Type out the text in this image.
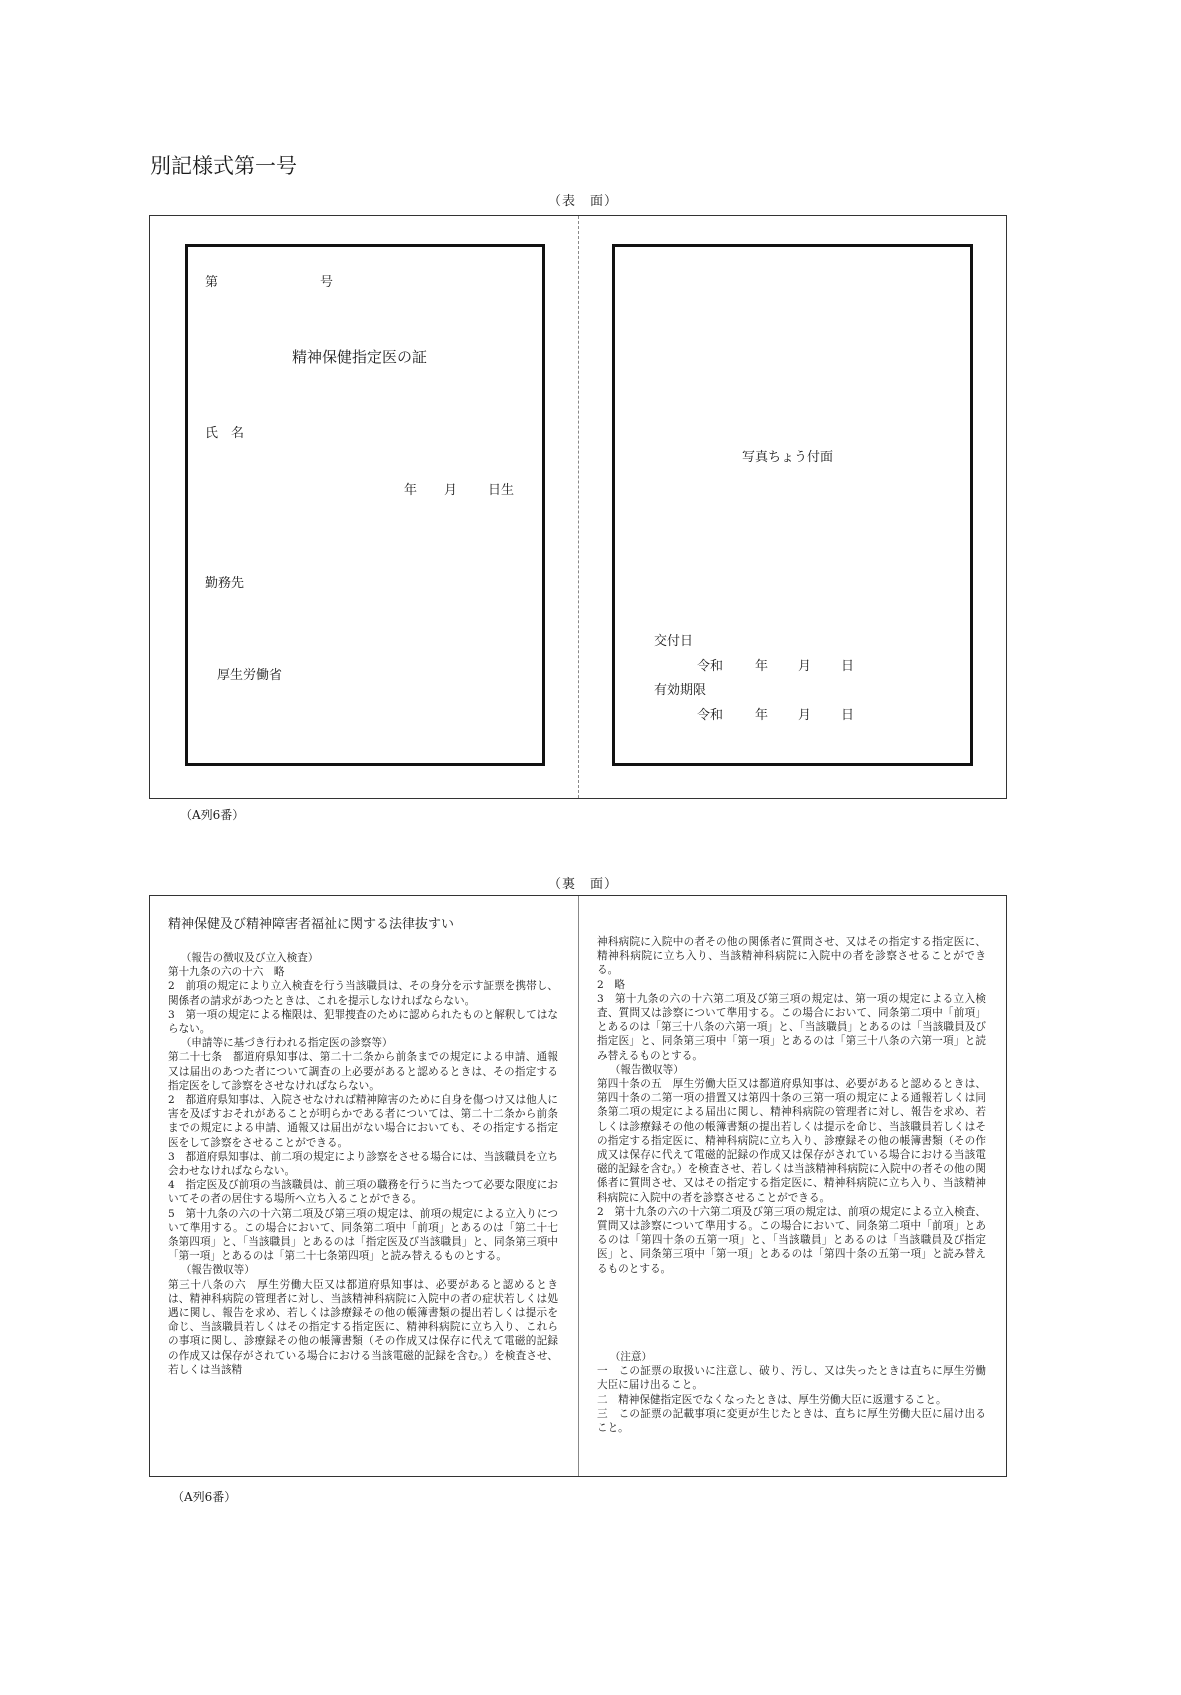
別記様式第一号
（表　面）
第	号
精神保健指定医の証
氏　名
年 月 日生
勤務先
厚生労働省
写真ちょう付面
交付日
令和 年 月 日
有効期限
令和 年 月 日
（A列6番）
（裏　面）
精神保健及び精神障害者福祉に関する法律抜すい

（報告の徴収及び立入検査）

第十九条の六の十六　略

2　前項の規定により立入検査を行う当該職員は、その身分を示す証票を携帯し、関係者の請求があつたときは、これを提示しなければならない。

3　第一項の規定による権限は、犯罪捜査のために認められたものと解釈してはならない。

（申請等に基づき行われる指定医の診察等）

第二十七条　都道府県知事は、第二十二条から前条までの規定による申請、通報又は届出のあつた者について調査の上必要があると認めるときは、その指定する指定医をして診察をさせなければならない。

2　都道府県知事は、入院させなければ精神障害のために自身を傷つけ又は他人に害を及ぼすおそれがあることが明らかである者については、第二十二条から前条までの規定による申請、通報又は届出がない場合においても、その指定する指定医をして診察をさせることができる。

3　都道府県知事は、前二項の規定により診察をさせる場合には、当該職員を立ち会わせなければならない。

4　指定医及び前項の当該職員は、前三項の職務を行うに当たつて必要な限度においてその者の居住する場所へ立ち入ることができる。

5　第十九条の六の十六第二項及び第三項の規定は、前項の規定による立入りについて準用する。この場合において、同条第二項中「前項」とあるのは「第二十七条第四項」と、「当該職員」とあるのは「指定医及び当該職員」と、同条第三項中「第一項」とあるのは「第二十七条第四項」と読み替えるものとする。

（報告徴収等）

第三十八条の六　厚生労働大臣又は都道府県知事は、必要があると認めるときは、精神科病院の管理者に対し、当該精神科病院に入院中の者の症状若しくは処遇に関し、報告を求め、若しくは診療録その他の帳簿書類の提出若しくは提示を命じ、当該職員若しくはその指定する指定医に、精神科病院に立ち入り、これらの事項に関し、診療録その他の帳簿書類（その作成又は保存に代えて電磁的記録の作成又は保存がされている場合における当該電磁的記録を含む。）を検査させ、若しくは当該精

神科病院に入院中の者その他の関係者に質問させ、又はその指定する指定医に、精神科病院に立ち入り、当該精神科病院に入院中の者を診察させることができる。

2　略

3　第十九条の六の十六第二項及び第三項の規定は、第一項の規定による立入検査、質問又は診察について準用する。この場合において、同条第二項中「前項」とあるのは「第三十八条の六第一項」と、「当該職員」とあるのは「当該職員及び指定医」と、同条第三項中「第一項」とあるのは「第三十八条の六第一項」と読み替えるものとする。

（報告徴収等）

第四十条の五　厚生労働大臣又は都道府県知事は、必要があると認めるときは、第四十条の二第一項の措置又は第四十条の三第一項の規定による通報若しくは同条第二項の規定による届出に関し、精神科病院の管理者に対し、報告を求め、若しくは診療録その他の帳簿書類の提出若しくは提示を命じ、当該職員若しくはその指定する指定医に、精神科病院に立ち入り、診療録その他の帳簿書類（その作成又は保存に代えて電磁的記録の作成又は保存がされている場合における当該電磁的記録を含む。）を検査させ、若しくは当該精神科病院に入院中の者その他の関係者に質問させ、又はその指定する指定医に、精神科病院に立ち入り、当該精神科病院に入院中の者を診察させることができる。

2　第十九条の六の十六第二項及び第三項の規定は、前項の規定による立入検査、質問又は診察について準用する。この場合において、同条第二項中「前項」とあるのは「第四十条の五第一項」と、「当該職員」とあるのは「当該職員及び指定医」と、同条第三項中「第一項」とあるのは「第四十条の五第一項」と読み替えるものとする。

（注意）

一　この証票の取扱いに注意し、破り、汚し、又は失ったときは直ちに厚生労働大臣に届け出ること。

二　精神保健指定医でなくなったときは、厚生労働大臣に返還すること。

三　この証票の記載事項に変更が生じたときは、直ちに厚生労働大臣に届け出ること。

（A列6番）
